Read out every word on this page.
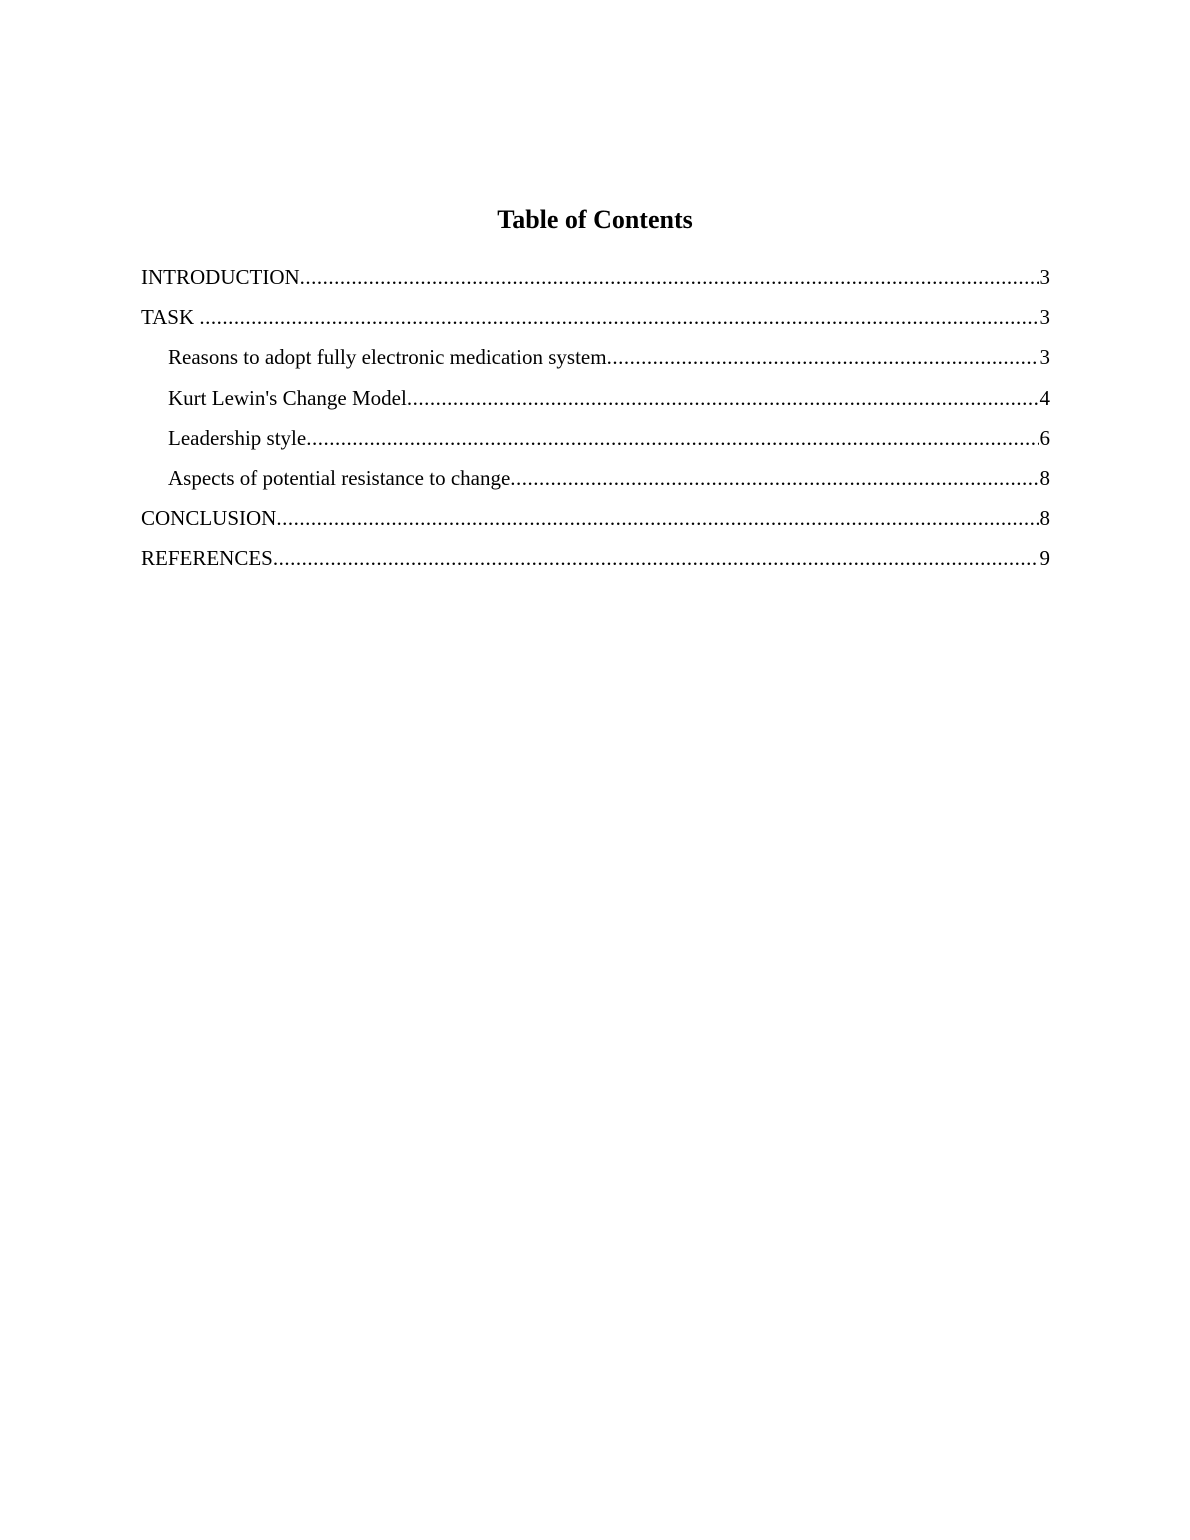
Table of Contents
INTRODUCTION .....	3
TASK .....	3
Reasons to adopt fully electronic medication system .....	3
Kurt Lewin's Change Model .....	4
Leadership style .....	6
Aspects of potential resistance to change .....	8
CONCLUSION .....	8
REFERENCES .....	9
